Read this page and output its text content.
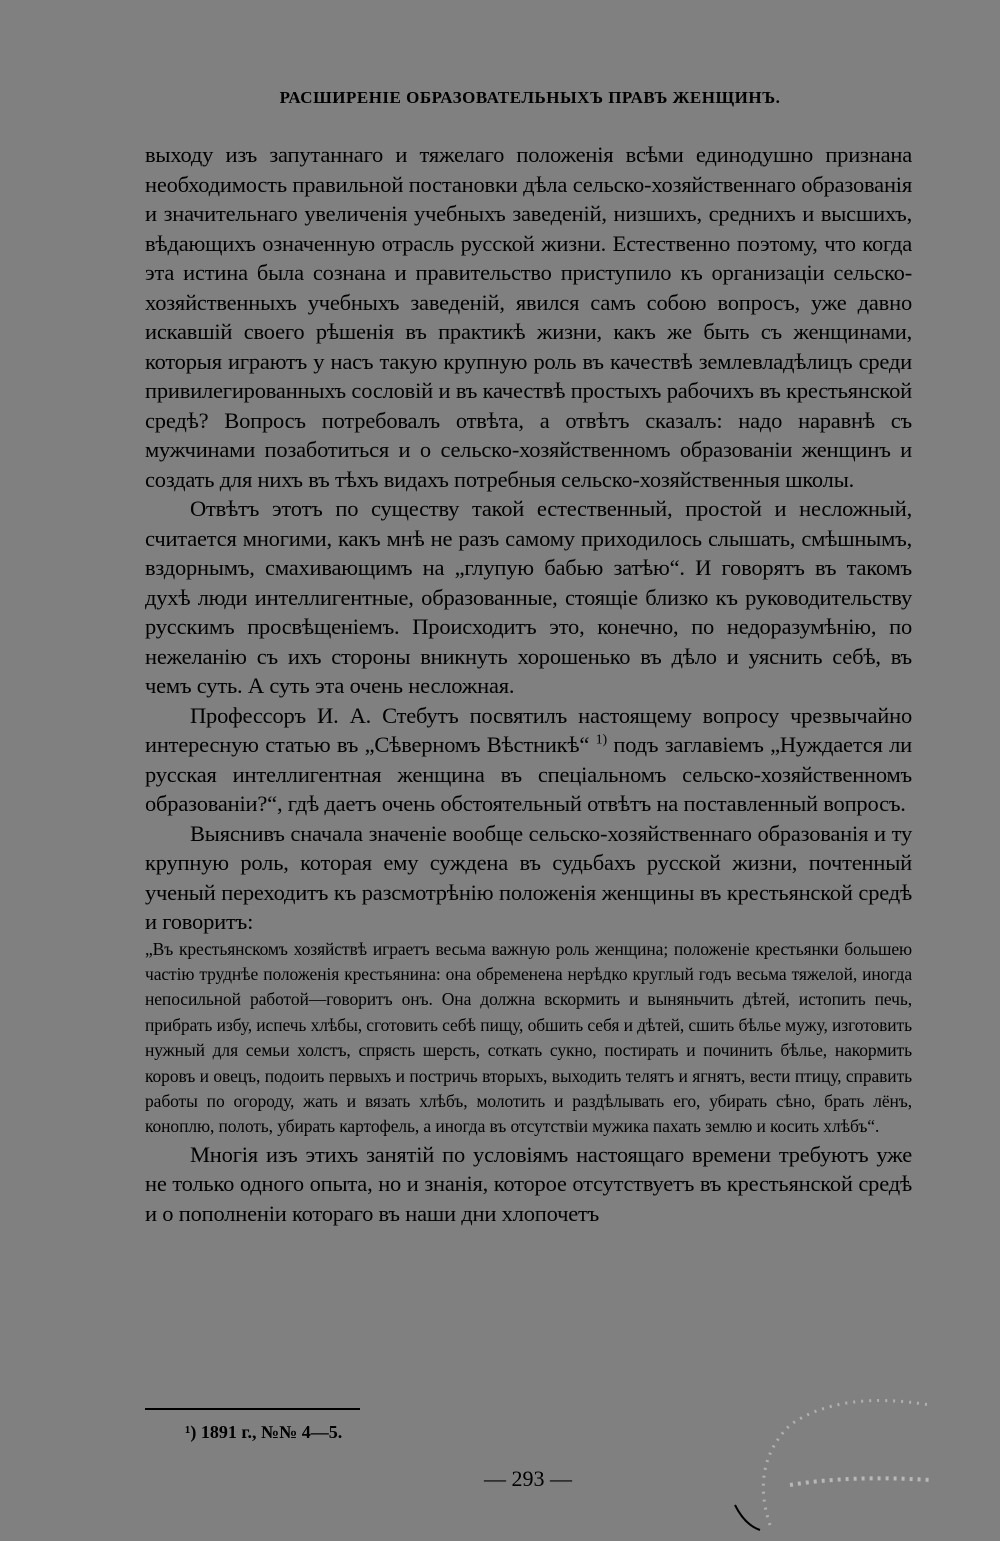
РАСШИРЕНІЕ ОБРАЗОВАТЕЛЬНЫХЪ ПРАВЪ ЖЕНЩИНЪ.

выходу изъ запутаннаго и тяжелаго положенія всѣми единодушно признана необходимость правильной постановки дѣла сельско-хозяйственнаго образованія и значительнаго увеличенія учебныхъ заведеній, низшихъ, среднихъ и высшихъ, вѣдающихъ означенную отрасль русской жизни. Естественно поэтому, что когда эта истина была сознана и правительство приступило къ организаціи сельско-хозяйственныхъ учебныхъ заведеній, явился самъ собою вопросъ, уже давно искавшій своего рѣшенія въ практикѣ жизни, какъ же быть съ женщинами, которыя играютъ у насъ такую крупную роль въ качествѣ землевладѣлицъ среди привилегированныхъ сословій и въ качествѣ простыхъ рабочихъ въ крестьянской средѣ? Вопросъ потребовалъ отвѣта, а отвѣтъ сказалъ: надо наравнѣ съ мужчинами позаботиться и о сельско-хозяйственномъ образованіи женщинъ и создать для нихъ въ тѣхъ видахъ потребныя сельско-хозяйственныя школы.

Отвѣтъ этотъ по существу такой естественный, простой и несложный, считается многими, какъ мнѣ не разъ самому приходилось слышать, смѣшнымъ, вздорнымъ, смахивающимъ на „глупую бабью затѣю“. И говорятъ въ такомъ духѣ люди интеллигентные, образованные, стоящіе близко къ руководительству русскимъ просвѣщеніемъ. Происходитъ это, конечно, по недоразумѣнію, по нежеланію съ ихъ стороны вникнуть хорошенько въ дѣло и уяснить себѣ, въ чемъ суть. А суть эта очень несложная.

Профессоръ И. А. Стебутъ посвятилъ настоящему вопросу чрезвычайно интересную статью въ „Сѣверномъ Вѣстникѣ“ $^{1)}$ подъ заглавіемъ „Нуждается ли русская интеллигентная женщина въ спеціальномъ сельско-хозяйственномъ образованіи?“, гдѣ даетъ очень обстоятельный отвѣтъ на поставленный вопросъ.

Выяснивъ сначала значеніе вообще сельско-хозяйственнаго образованія и ту крупную роль, которая ему суждена въ судьбахъ русской жизни, почтенный ученый переходитъ къ разсмотрѣнію положенія женщины въ крестьянской средѣ и говоритъ:

„Въ крестьянскомъ хозяйствѣ играетъ весьма важную роль женщина; положеніе крестьянки большею частію труднѣе положенія крестьянина: она обременена нерѣдко круглый годъ весьма тяжелой, иногда непосильной работой—говоритъ онъ. Она должна вскормить и выняньчить дѣтей, истопить печь, прибрать избу, испечь хлѣбы, сготовить себѣ пищу, обшить себя и дѣтей, сшить бѣлье мужу, изготовить нужный для семьи холстъ, спрясть шерсть, соткать сукно, постирать и починить бѣлье, накормить коровъ и овецъ, подоить первыхъ и постричь вторыхъ, выходить телятъ и ягнятъ, вести птицу, справить работы по огороду, жать и вязать хлѣбъ, молотить и раздѣлывать его, убирать сѣно, брать лёнъ, коноплю, полоть, убирать картофель, а иногда въ отсутствіи мужика пахать землю и косить хлѣбъ“.

Многія изъ этихъ занятій по условіямъ настоящаго времени требуютъ уже не только одного опыта, но и знанія, которое отсутствуетъ въ крестьянской средѣ и о пополненіи котораго въ наши дни хлопочетъ

¹) 1891 г., №№ 4—5.
— 293 —
